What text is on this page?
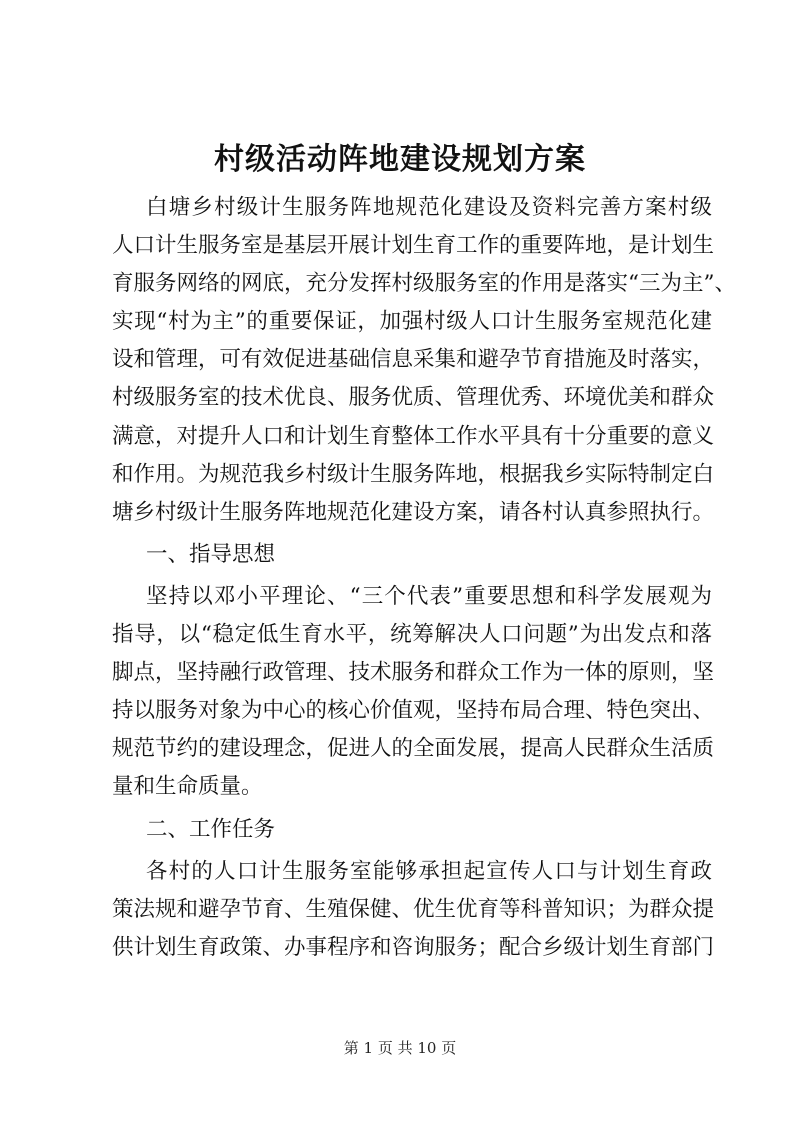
村级活动阵地建设规划方案
白塘乡村级计生服务阵地规范化建设及资料完善方案村级
人口计生服务室是基层开展计划生育工作的重要阵地，是计划生
育服务网络的网底，充分发挥村级服务室的作用是落实“三为主”、
实现“村为主”的重要保证，加强村级人口计生服务室规范化建
设和管理，可有效促进基础信息采集和避孕节育措施及时落实，
村级服务室的技术优良、服务优质、管理优秀、环境优美和群众
满意，对提升人口和计划生育整体工作水平具有十分重要的意义
和作用。为规范我乡村级计生服务阵地，根据我乡实际特制定白
塘乡村级计生服务阵地规范化建设方案，请各村认真参照执行。
一、指导思想
坚持以邓小平理论、“三个代表”重要思想和科学发展观为
指导，以“稳定低生育水平，统筹解决人口问题”为出发点和落
脚点，坚持融行政管理、技术服务和群众工作为一体的原则，坚
持以服务对象为中心的核心价值观，坚持布局合理、特色突出、
规范节约的建设理念，促进人的全面发展，提高人民群众生活质
量和生命质量。
二、工作任务
各村的人口计生服务室能够承担起宣传人口与计划生育政
策法规和避孕节育、生殖保健、优生优育等科普知识；为群众提
供计划生育政策、办事程序和咨询服务；配合乡级计划生育部门
第 1 页 共 10 页
